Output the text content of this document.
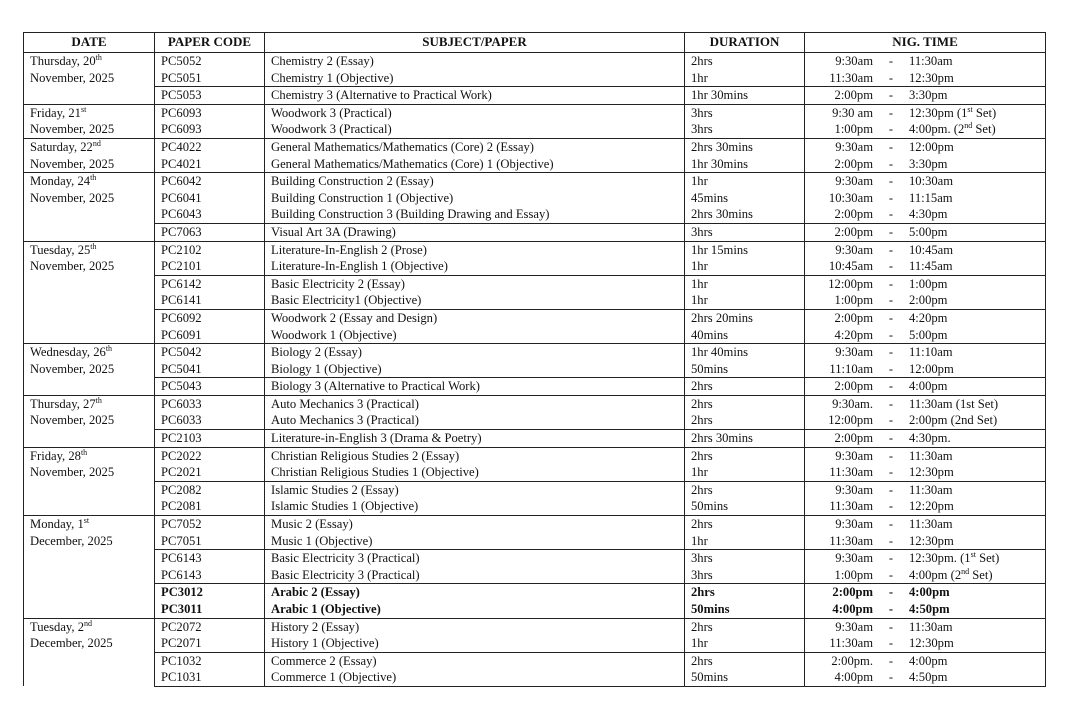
DATE	PAPER CODE	SUBJECT/PAPER	DURATION	NIG. TIME

Thursday, 20th
November, 2025	PC5052	Chemistry 2 (Essay)	2hrs	9:30am - 11:30am

	PC5051	Chemistry 1 (Objective)	1hr	11:30am - 12:30pm

	PC5053	Chemistry 3 (Alternative to Practical Work)	1hr 30mins	2:00pm - 3:30pm

Friday, 21st
November, 2025	PC6093	Woodwork 3 (Practical)	3hrs	9:30 am - 12:30pm (1st Set)

	PC6093	Woodwork 3 (Practical)	3hrs	1:00pm - 4:00pm. (2nd Set)

Saturday, 22nd
November, 2025	PC4022	General Mathematics/Mathematics (Core) 2 (Essay)	2hrs 30mins	9:30am - 12:00pm

	PC4021	General Mathematics/Mathematics (Core) 1 (Objective)	1hr 30mins	2:00pm - 3:30pm

Monday, 24th
November, 2025	PC6042	Building Construction 2 (Essay)	1hr	9:30am - 10:30am

	PC6041	Building Construction 1 (Objective)	45mins	10:30am - 11:15am

	PC6043	Building Construction 3 (Building Drawing and Essay)	2hrs 30mins	2:00pm - 4:30pm

	PC7063	Visual Art 3A (Drawing)	3hrs	2:00pm - 5:00pm

Tuesday, 25th
November, 2025	PC2102	Literature-In-English 2 (Prose)	1hr 15mins	9:30am - 10:45am

	PC2101	Literature-In-English 1 (Objective)	1hr	10:45am - 11:45am

	PC6142	Basic Electricity 2 (Essay)	1hr	12:00pm - 1:00pm

	PC6141	Basic Electricity1 (Objective)	1hr	1:00pm - 2:00pm

	PC6092	Woodwork 2 (Essay and Design)	2hrs 20mins	2:00pm - 4:20pm

	PC6091	Woodwork 1 (Objective)	40mins	4:20pm - 5:00pm

Wednesday, 26th
November, 2025	PC5042	Biology 2 (Essay)	1hr 40mins	9:30am - 11:10am

	PC5041	Biology 1 (Objective)	50mins	11:10am - 12:00pm

	PC5043	Biology 3 (Alternative to Practical Work)	2hrs	2:00pm - 4:00pm

Thursday, 27th
November, 2025	PC6033	Auto Mechanics 3 (Practical)	2hrs	9:30am. - 11:30am (1st Set)

	PC6033	Auto Mechanics 3 (Practical)	2hrs	12:00pm - 2:00pm (2nd Set)

	PC2103	Literature-in-English 3 (Drama & Poetry)	2hrs 30mins	2:00pm - 4:30pm.

Friday, 28th
November, 2025	PC2022	Christian Religious Studies 2 (Essay)	2hrs	9:30am - 11:30am

	PC2021	Christian Religious Studies 1 (Objective)	1hr	11:30am - 12:30pm

	PC2082	Islamic Studies 2 (Essay)	2hrs	9:30am - 11:30am

	PC2081	Islamic Studies 1 (Objective)	50mins	11:30am - 12:20pm

Monday, 1st
December, 2025	PC7052	Music 2 (Essay)	2hrs	9:30am - 11:30am

	PC7051	Music 1 (Objective)	1hr	11:30am - 12:30pm

	PC6143	Basic Electricity 3 (Practical)	3hrs	9:30am - 12:30pm. (1st Set)

	PC6143	Basic Electricity 3 (Practical)	3hrs	1:00pm - 4:00pm (2nd Set)

	PC3012	Arabic 2 (Essay)	2hrs	2:00pm - 4:00pm

	PC3011	Arabic 1 (Objective)	50mins	4:00pm - 4:50pm

Tuesday, 2nd
December, 2025	PC2072	History 2 (Essay)	2hrs	9:30am - 11:30am

	PC2071	History 1 (Objective)	1hr	11:30am - 12:30pm

	PC1032	Commerce 2 (Essay)	2hrs	2:00pm. - 4:00pm

	PC1031	Commerce 1 (Objective)	50mins	4:00pm - 4:50pm
